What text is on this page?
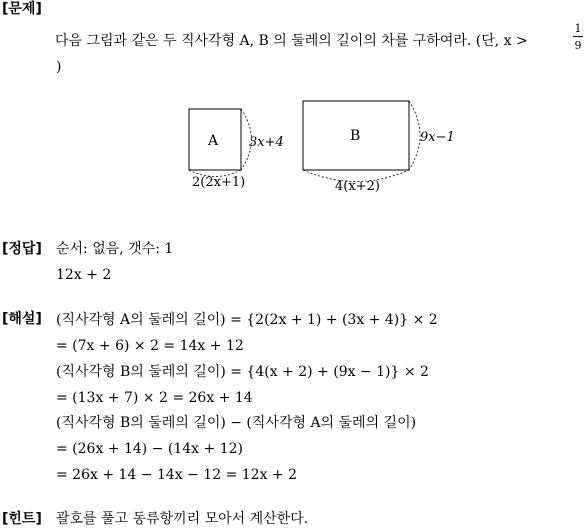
[문제]
다음 그림과 같은 두 직사각형 A, B 의 둘레의 길이의 차를 구하여라. (단, x >
1
9
)
A 3x+4
2(2x+1)
B	9x−1
4(x+2)
[정답] 순서: 없음, 갯수: 1
12x + 2
[해설] (직사각형 A의 둘레의 길이) = {2(2x + 1) + (3x + 4)} × 2
= (7x + 6) × 2 = 14x + 12
(직사각형 B의 둘레의 길이) = {4(x + 2) + (9x − 1)} × 2
= (13x + 7) × 2 = 26x + 14
(직사각형 B의 둘레의 길이) − (직사각형 A의 둘레의 길이)
= (26x + 14) − (14x + 12)
= 26x + 14 − 14x − 12 = 12x + 2
[힌트] 괄호를 풀고 동류항끼리 모아서 계산한다.
